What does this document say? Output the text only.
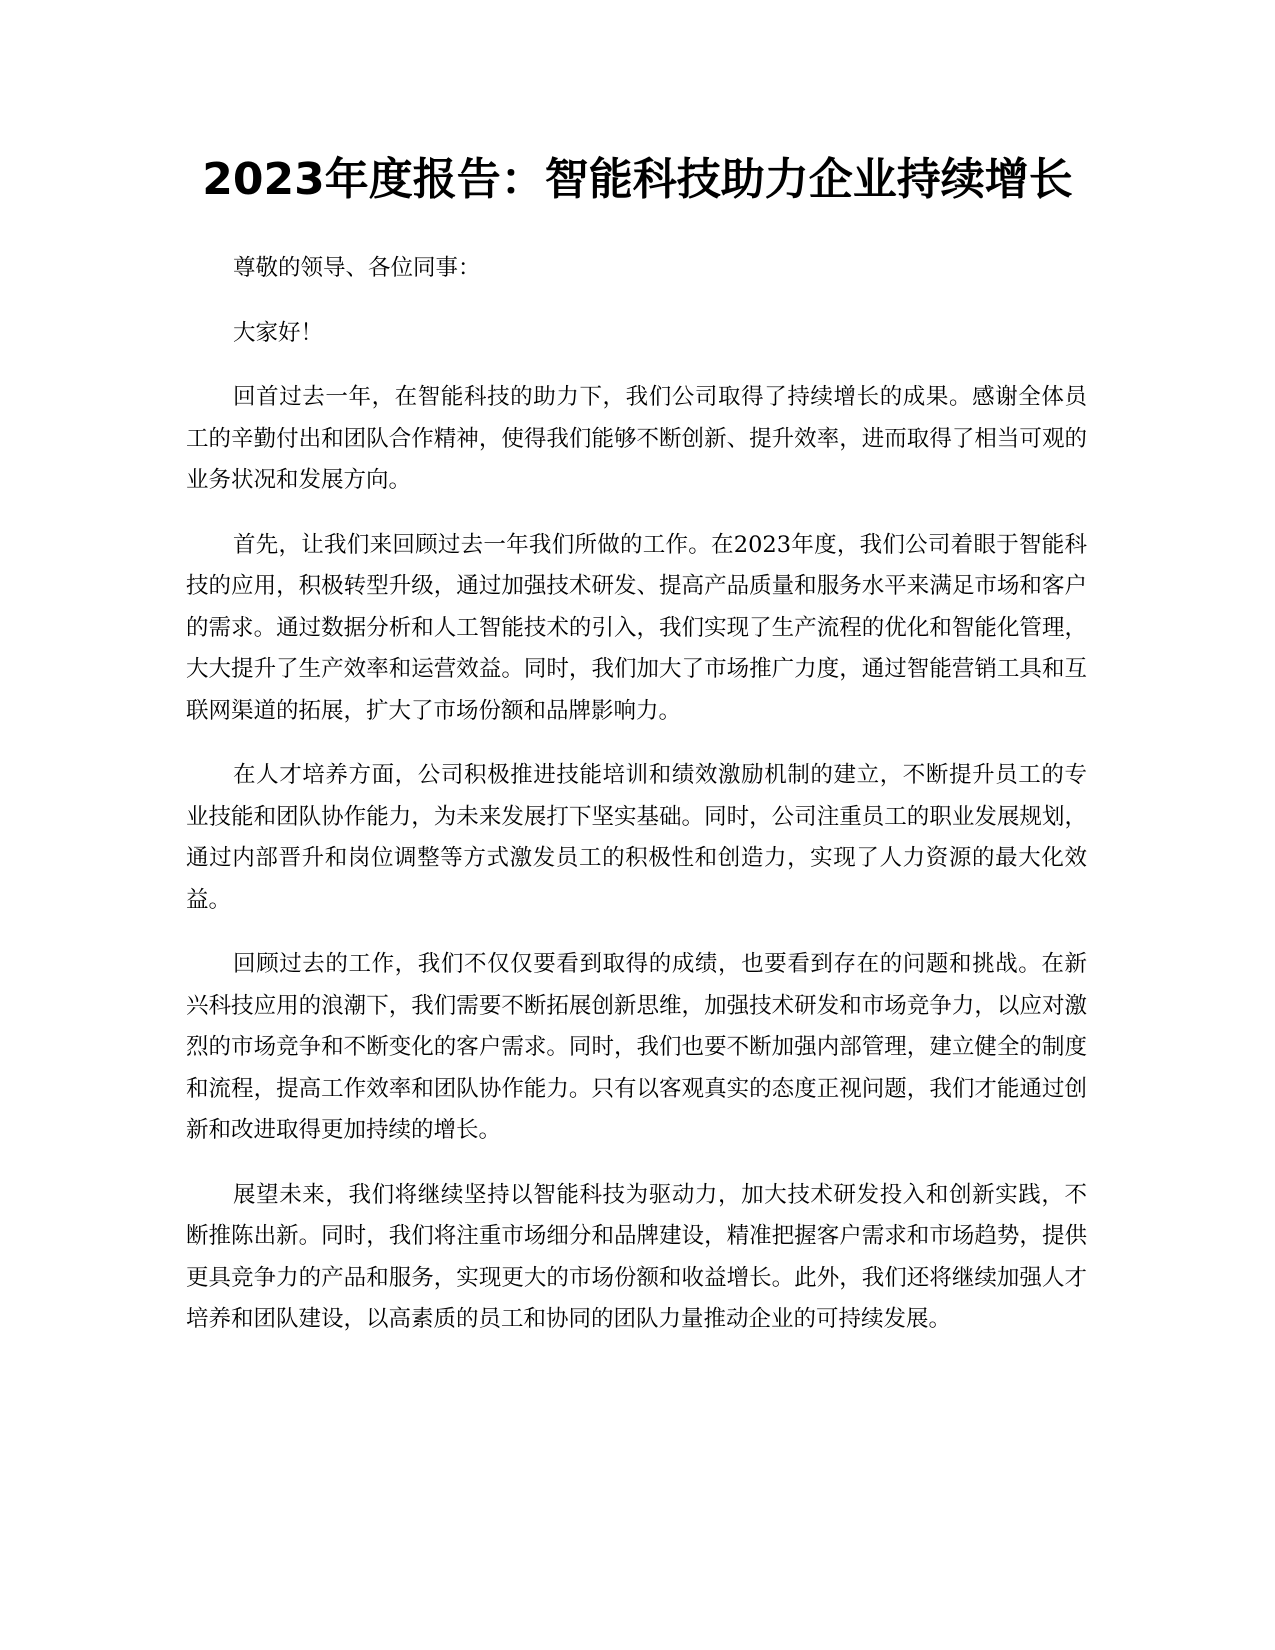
2023年度报告：智能科技助力企业持续增长

尊敬的领导、各位同事：

大家好！

回首过去一年，在智能科技的助力下，我们公司取得了持续增长的成果。感谢全体员工的辛勤付出和团队合作精神，使得我们能够不断创新、提升效率，进而取得了相当可观的业务状况和发展方向。

首先，让我们来回顾过去一年我们所做的工作。在2023年度，我们公司着眼于智能科技的应用，积极转型升级，通过加强技术研发、提高产品质量和服务水平来满足市场和客户的需求。通过数据分析和人工智能技术的引入，我们实现了生产流程的优化和智能化管理，大大提升了生产效率和运营效益。同时，我们加大了市场推广力度，通过智能营销工具和互联网渠道的拓展，扩大了市场份额和品牌影响力。

在人才培养方面，公司积极推进技能培训和绩效激励机制的建立，不断提升员工的专业技能和团队协作能力，为未来发展打下坚实基础。同时，公司注重员工的职业发展规划，通过内部晋升和岗位调整等方式激发员工的积极性和创造力，实现了人力资源的最大化效益。

回顾过去的工作，我们不仅仅要看到取得的成绩，也要看到存在的问题和挑战。在新兴科技应用的浪潮下，我们需要不断拓展创新思维，加强技术研发和市场竞争力，以应对激烈的市场竞争和不断变化的客户需求。同时，我们也要不断加强内部管理，建立健全的制度和流程，提高工作效率和团队协作能力。只有以客观真实的态度正视问题，我们才能通过创新和改进取得更加持续的增长。

展望未来，我们将继续坚持以智能科技为驱动力，加大技术研发投入和创新实践，不断推陈出新。同时，我们将注重市场细分和品牌建设，精准把握客户需求和市场趋势，提供更具竞争力的产品和服务，实现更大的市场份额和收益增长。此外，我们还将继续加强人才培养和团队建设，以高素质的员工和协同的团队力量推动企业的可持续发展。
